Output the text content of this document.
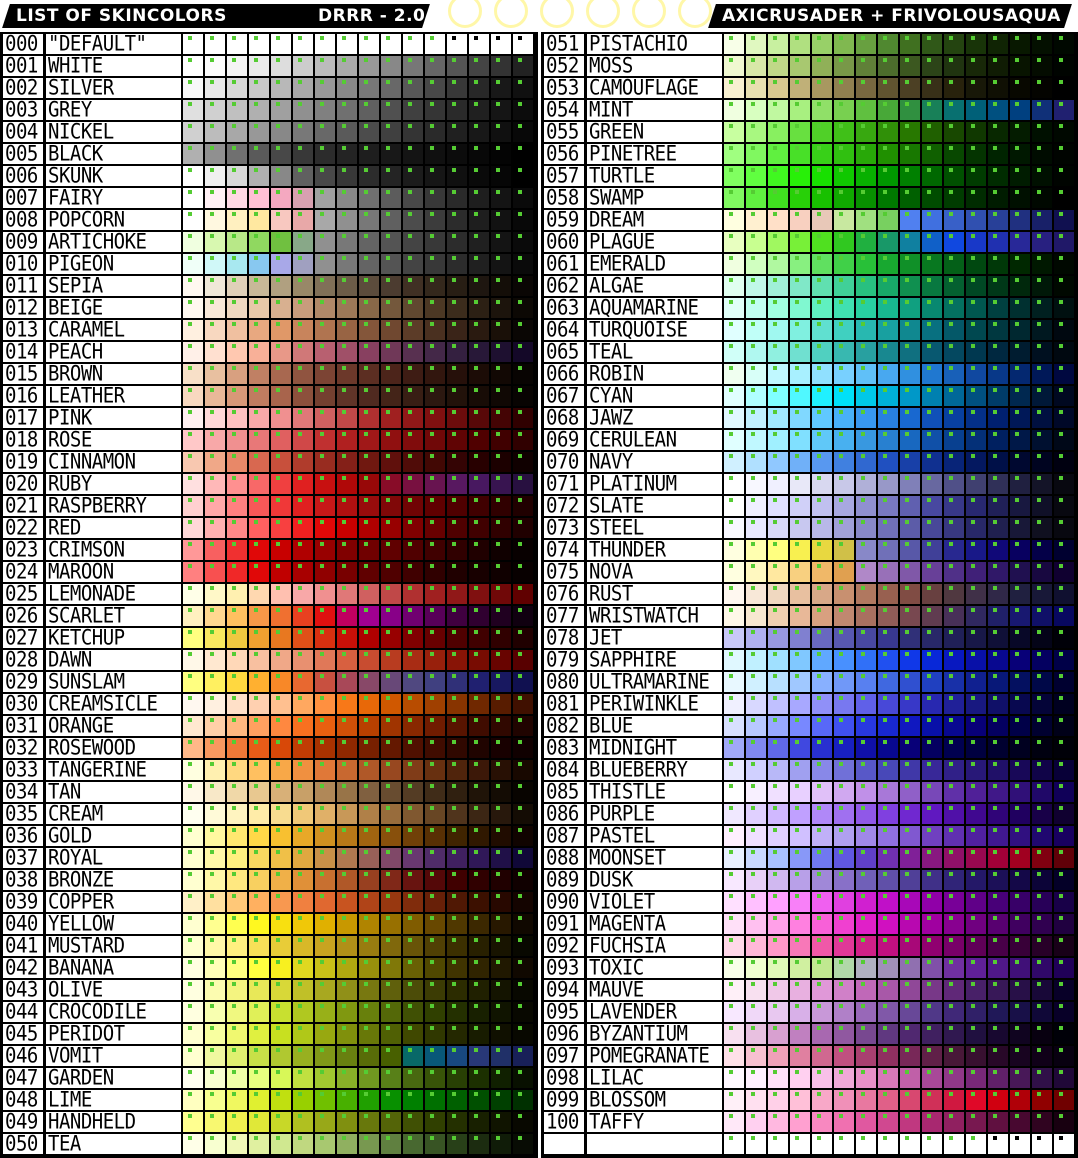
LIST OF SKINCOLORS	DRRR - 2.0	AXICRUSADER + FRIVOLOUSAQUA
000 "DEFAULT"
001 WHITE
002 SILVER
003 GREY
004 NICKEL
005 BLACK
006 SKUNK
007 FAIRY
008 POPCORN
009 ARTICHOKE
010 PIGEON
011 SEPIA
012 BEIGE
013 CARAMEL
014 PEACH
015 BROWN
016 LEATHER
017 PINK
018 ROSE
019 CINNAMON
020 RUBY
021 RASPBERRY
022 RED
023 CRIMSON
024 MAROON
025 LEMONADE
026 SCARLET
027 KETCHUP
028 DAWN
029 SUNSLAM
030 CREAMSICLE
031 ORANGE
032 ROSEWOOD
033 TANGERINE
034 TAN
035 CREAM
036 GOLD
037 ROYAL
038 BRONZE
039 COPPER
040 YELLOW
041 MUSTARD
042 BANANA
043 OLIVE
044 CROCODILE
045 PERIDOT
046 VOMIT
047 GARDEN
048 LIME
049 HANDHELD
050 TEA
051 PISTACHIO
052 MOSS
053 CAMOUFLAGE
054 MINT
055 GREEN
056 PINETREE
057 TURTLE
058 SWAMP
059 DREAM
060 PLAGUE
061 EMERALD
062 ALGAE
063 AQUAMARINE
064 TURQUOISE
065 TEAL
066 ROBIN
067 CYAN
068 JAWZ
069 CERULEAN
070 NAVY
071 PLATINUM
072 SLATE
073 STEEL
074 THUNDER
075 NOVA
076 RUST
077 WRISTWATCH
078 JET
079 SAPPHIRE
080 ULTRAMARINE
081 PERIWINKLE
082 BLUE
083 MIDNIGHT
084 BLUEBERRY
085 THISTLE
086 PURPLE
087 PASTEL
088 MOONSET
089 DUSK
090 VIOLET
091 MAGENTA
092 FUCHSIA
093 TOXIC
094 MAUVE
095 LAVENDER
096 BYZANTIUM
097 POMEGRANATE
098 LILAC
099 BLOSSOM
100 TAFFY
